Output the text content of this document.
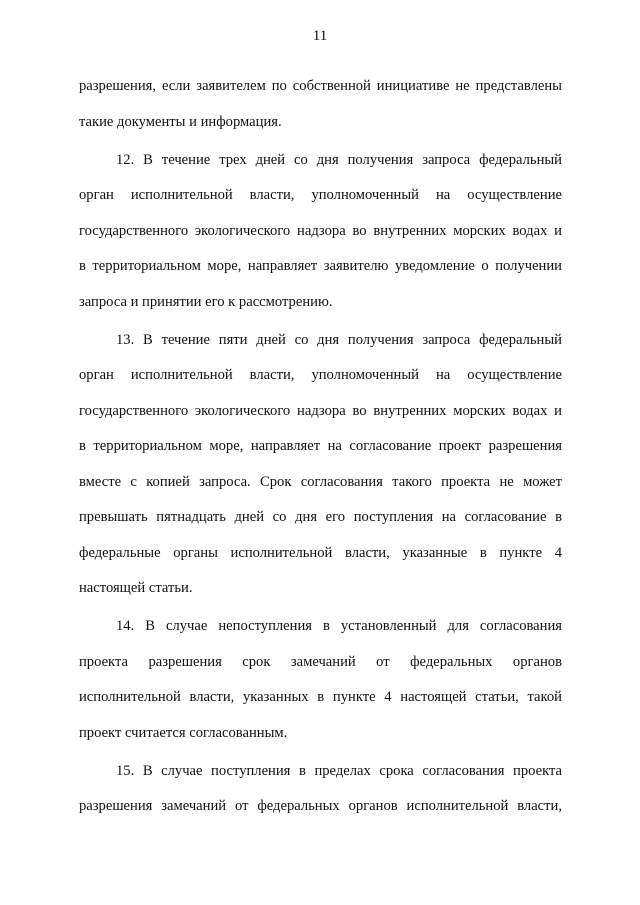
11
разрешения, если заявителем по собственной инициативе не представлены
такие документы и информация.
12. В течение трех дней со дня получения запроса федеральный
орган исполнительной власти, уполномоченный на осуществление
государственного экологического надзора во внутренних морских водах и
в территориальном море, направляет заявителю уведомление о получении
запроса и принятии его к рассмотрению.
13. В течение пяти дней со дня получения запроса федеральный
орган исполнительной власти, уполномоченный на осуществление
государственного экологического надзора во внутренних морских водах и
в территориальном море, направляет на согласование проект разрешения
вместе с копией запроса. Срок согласования такого проекта не может
превышать пятнадцать дней со дня его поступления на согласование в
федеральные органы исполнительной власти, указанные в пункте 4
настоящей статьи.
14. В случае непоступления в установленный для согласования
проекта разрешения срок замечаний от федеральных органов
исполнительной власти, указанных в пункте 4 настоящей статьи, такой
проект считается согласованным.
15. В случае поступления в пределах срока согласования проекта
разрешения замечаний от федеральных органов исполнительной власти,
